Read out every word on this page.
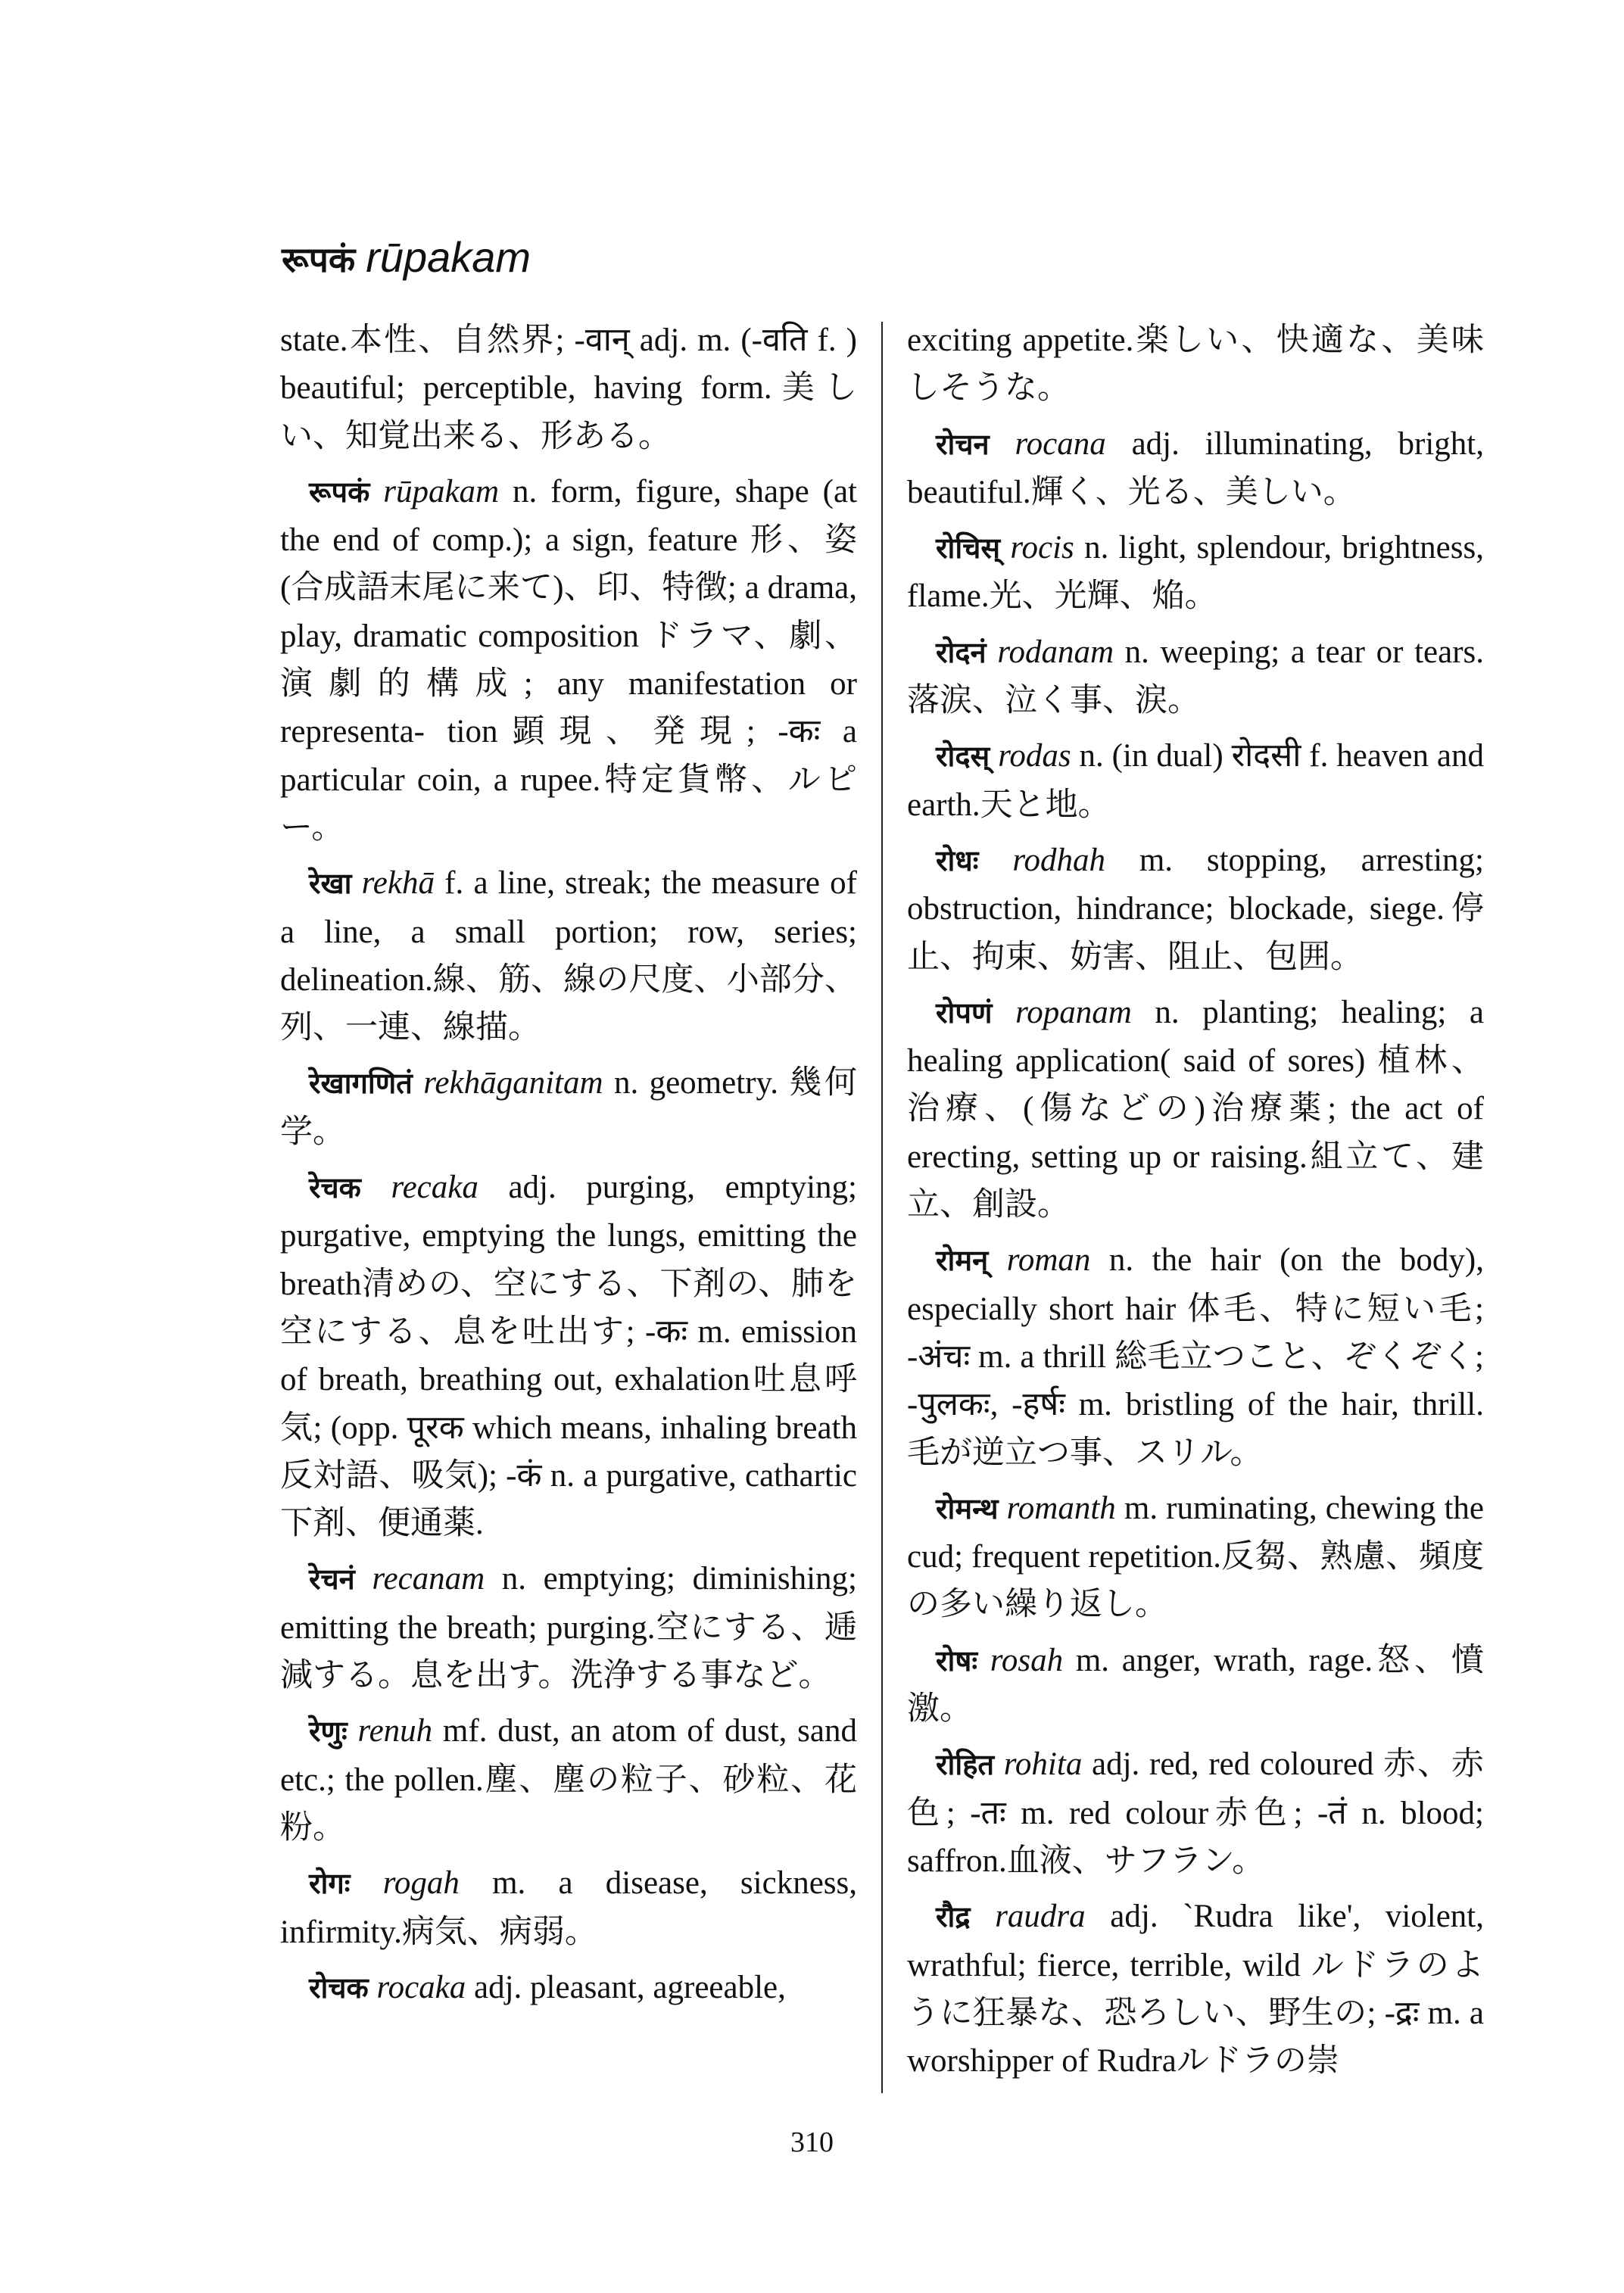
रूपकं rūpakam

state.本性、自然界; -वान् adj. m. (-वति f. ) beautiful; perceptible, having form.美しい、知覚出来る、形ある。

रूपकं rūpakam n. form, figure, shape (at the end of comp.); a sign, feature 形、姿(合成語末尾に来て)、印、特徴; a drama, play, dramatic composition ドラマ、劇、演劇的構成; any manifestation or representa- tion顕現、発現; -कः a particular coin, a rupee.特定貨幣、ルピー。

रेखा rekhā f. a line, streak; the measure of a line, a small portion; row, series; delineation.線、筋、線の尺度、小部分、列、一連、線描。

रेखागणितं rekhāganitam n. geometry. 幾何学。

रेचक recaka adj. purging, emptying; purgative, emptying the lungs, emitting the breath清めの、空にする、下剤の、肺を空にする、息を吐出す; -कः m. emission of breath, breathing out, exhalation吐息呼気; (opp. पूरक which means, inhaling breath 反対語、吸気); -कं n. a purgative, cathartic下剤、便通薬.

रेचनं recanam n. emptying; diminishing; emitting the breath; purging.空にする、逓減する。息を出す。洗浄する事など。

रेणुः renuh mf. dust, an atom of dust, sand etc.; the pollen.塵、塵の粒子、砂粒、花粉。

रोगः rogah m. a disease, sickness, infirmity.病気、病弱。

रोचक rocaka adj. pleasant, agreeable,

exciting appetite.楽しい、快適な、美味しそうな。

रोचन rocana adj. illuminating, bright, beautiful.輝く、光る、美しい。

रोचिस् rocis n. light, splendour, brightness, flame.光、光輝、焔。

रोदनं rodanam n. weeping; a tear or tears.落涙、泣く事、涙。

रोदस् rodas n. (in dual) रोदसी f. heaven and earth.天と地。

रोधः rodhah m. stopping, arresting; obstruction, hindrance; blockade, siege.停止、拘束、妨害、阻止、包囲。

रोपणं ropanam n. planting; healing; a healing application( said of sores) 植林、治療、(傷などの)治療薬; the act of erecting, setting up or raising.組立て、建立、創設。

रोमन् roman n. the hair (on the body), especially short hair 体毛、特に短い毛; -अंचः m. a thrill 総毛立つこと、ぞくぞく; -पुलकः, -हर्षः m. bristling of the hair, thrill. 毛が逆立つ事、スリル。

रोमन्थ romanth m. ruminating, chewing the cud; frequent repetition.反芻、熟慮、頻度の多い繰り返し。

रोषः rosah m. anger, wrath, rage.怒、憤激。

रोहित rohita adj. red, red coloured 赤、赤色; -तः m. red colour赤色; -तं n. blood; saffron.血液、サフラン。

रौद्र raudra adj. `Rudra like', violent, wrathful; fierce, terrible, wild ルドラのように狂暴な、恐ろしい、野生の; -द्रः m. a worshipper of Rudraルドラの崇

310
